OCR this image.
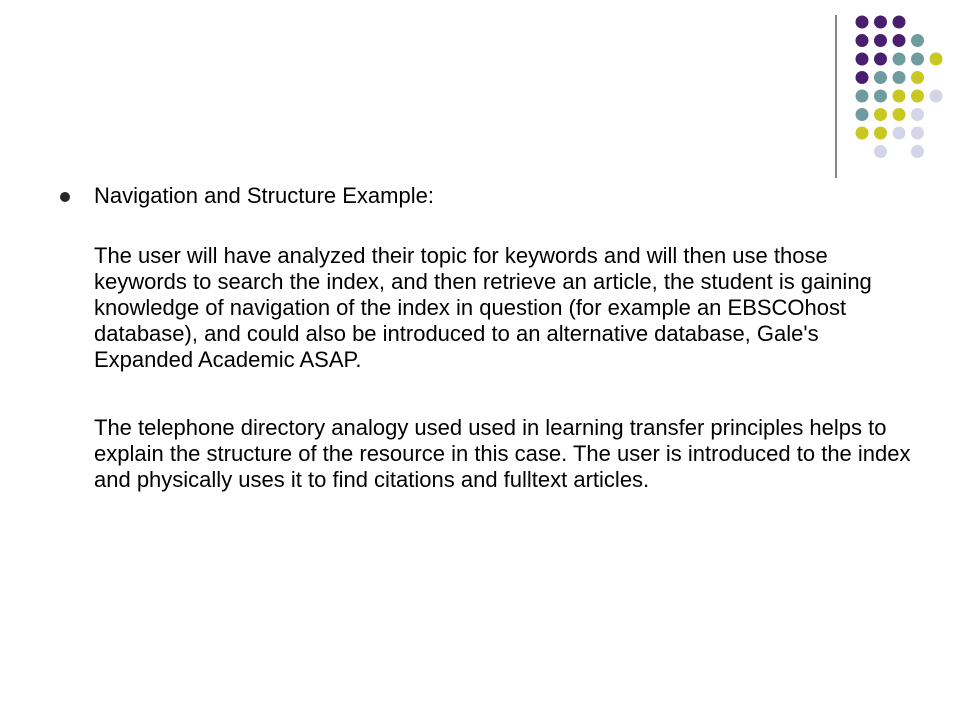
Navigation and Structure Example:

The user will have analyzed their topic for keywords and will then use those keywords to search the index, and then retrieve an article, the student is gaining knowledge of navigation of the index in question (for example an EBSCOhost database), and could also be introduced to an alternative database, Gale's Expanded Academic ASAP.

The telephone directory analogy used used in learning transfer principles helps to explain the structure of the resource in this case. The user is introduced to the index and physically uses it to find citations and fulltext articles.
